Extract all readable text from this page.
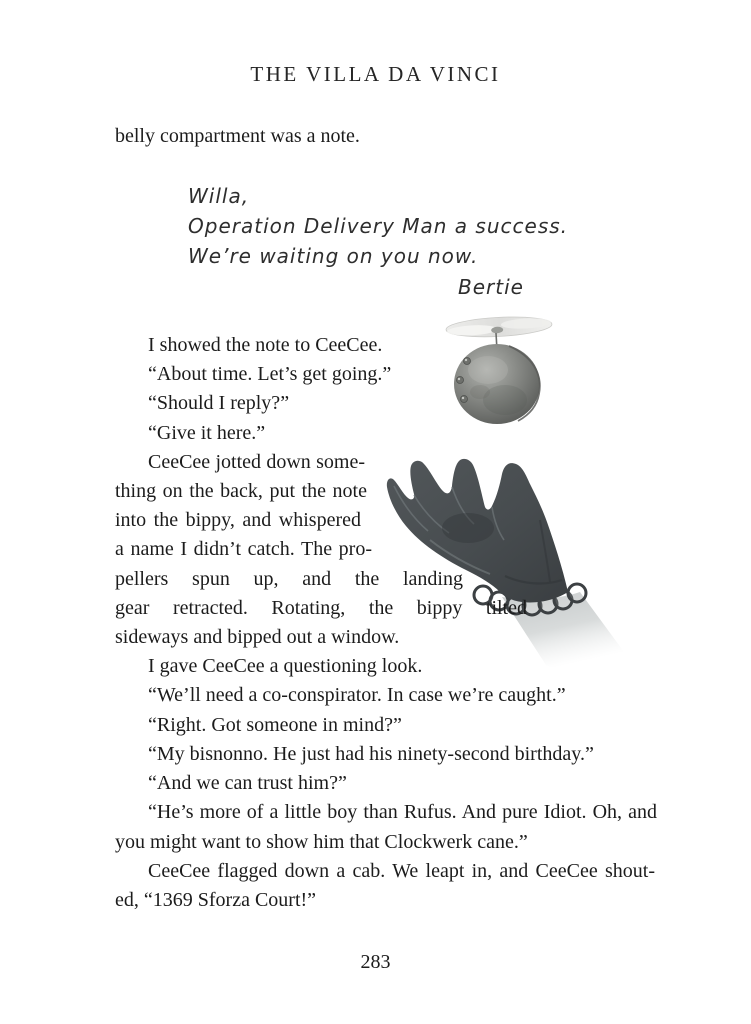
THE VILLA DA VINCI
belly compartment was a note.
Willa,
Operation Delivery Man a success.
We’re waiting on you now.
Bertie
I showed the note to CeeCee.
“About time. Let’s get going.”
“Should I reply?”
“Give it here.”
CeeCee jotted down some-
thing on the back, put the note
into the bippy, and whispered
a name I didn’t catch. The pro-
pellers spun up, and the landing
gear retracted. Rotating, the bippy tilted
sideways and bipped out a window.
I gave CeeCee a questioning look.
“We’ll need a co-conspirator. In case we’re caught.”
“Right. Got someone in mind?”
“My bisnonno. He just had his ninety-second birthday.”
“And we can trust him?”
“He’s more of a little boy than Rufus. And pure Idiot. Oh, and
you might want to show him that Clockwerk cane.”
CeeCee flagged down a cab. We leapt in, and CeeCee shout-
ed, “1369 Sforza Court!”
283
